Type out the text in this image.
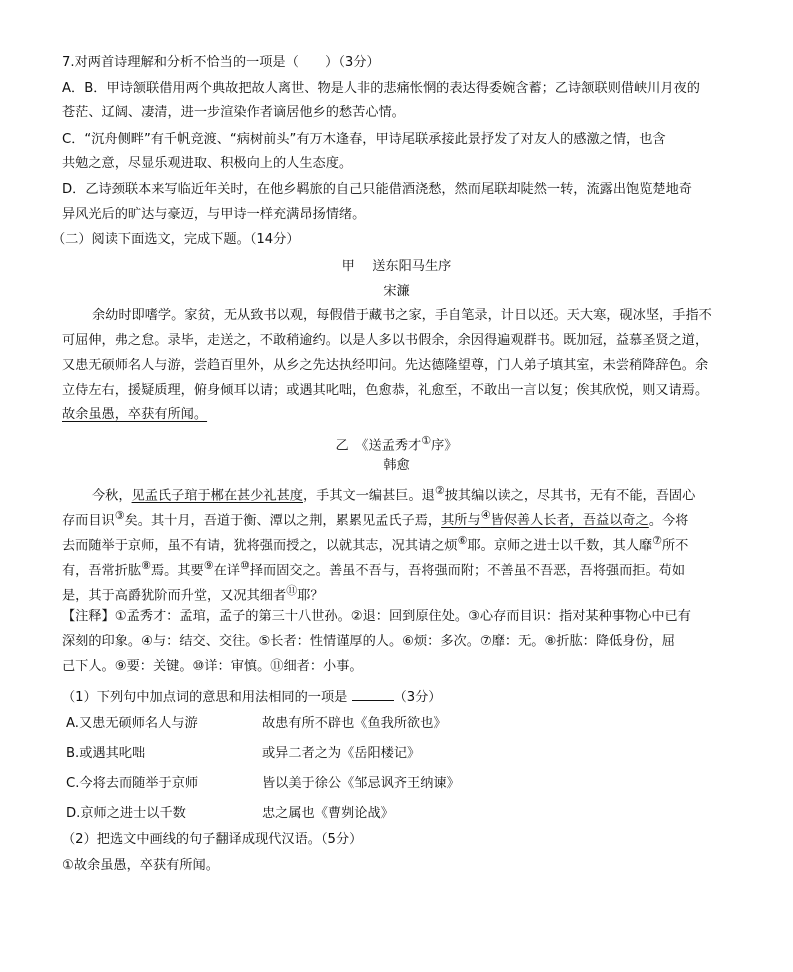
7.对两首诗理解和分析不恰当的一项是（　　）（3分）
A．B．甲诗颔联借用两个典故把故人离世、物是人非的悲痛怅惘的表达得委婉含蓄；乙诗颔联则借峡川月夜的
苍茫、辽阔、凄清，进一步渲染作者谪居他乡的愁苦心情。
C．“沉舟侧畔”有千帆竞渡、“病树前头”有万木逢春，甲诗尾联承接此景抒发了对友人的感激之情，也含
共勉之意，尽显乐观进取、积极向上的人生态度。
D．乙诗颈联本来写临近年关时，在他乡羁旅的自己只能借酒浇愁，然而尾联却陡然一转，流露出饱览楚地奇
异风光后的旷达与豪迈，与甲诗一样充满昂扬情绪。
（二）阅读下面选文，完成下题。（14分）
甲　 送东阳马生序
宋濂
余幼时即嗜学。家贫，无从致书以观，每假借于藏书之家，手自笔录，计日以还。天大寒，砚冰坚，手指不
可屈伸，弗之怠。录毕，走送之，不敢稍逾约。以是人多以书假余，余因得遍观群书。既加冠，益慕圣贤之道，
又患无硕师名人与游，尝趋百里外，从乡之先达执经叩问。先达德隆望尊，门人弟子填其室，未尝稍降辞色。余
立侍左右，援疑质理，俯身倾耳以请；或遇其叱咄，色愈恭，礼愈至，不敢出一言以复；俟其欣悦，则又请焉。
故余虽愚，卒获有所闻。
乙　《送孟秀才①序》
韩愈
今秋，见孟氏子琯于郴在甚少礼甚度，手其文一编甚巨。退②披其编以读之，尽其书，无有不能，吾固心
存而目识③矣。其十月，吾道于衡、潭以之荆，累累见孟氏子焉，其所与④皆侭善人长者，吾益以奇之。今将
去而随举于京师，虽不有请，犹将强而授之，以就其志，况其请之烦⑥耶。京师之进士以千数，其人靡⑦所不
有，吾常折肱⑧焉。其要⑨在详⑩择而固交之。善虽不吾与，吾将强而附；不善虽不吾恶，吾将强而拒。苟如
是，其于高爵犹阶而升堂，又况其细者⑪耶？
【注释】①孟秀才：孟琯，孟子的第三十八世孙。②退：回到原住处。③心存而目识：指对某种事物心中已有
深刻的印象。④与：结交、交往。⑤长者：性情谨厚的人。⑥烦：多次。⑦靡：无。⑧折肱：降低身份，屈
己下人。⑨要：关键。⑩详：审慎。⑪细者：小事。
（1）下列句中加点词的意思和用法相同的一项是	（3分）
A.又患无硕师名人与游	故患有所不辟也《鱼我所欲也》
B.或遇其叱咄	或异二者之为《岳阳楼记》
C.今将去而随举于京师	皆以美于徐公《邹忌讽齐王纳谏》
D.京师之进士以千数	忠之属也《曹刿论战》
（2）把选文中画线的句子翻译成现代汉语。（5分）
①故余虽愚，卒获有所闻。
